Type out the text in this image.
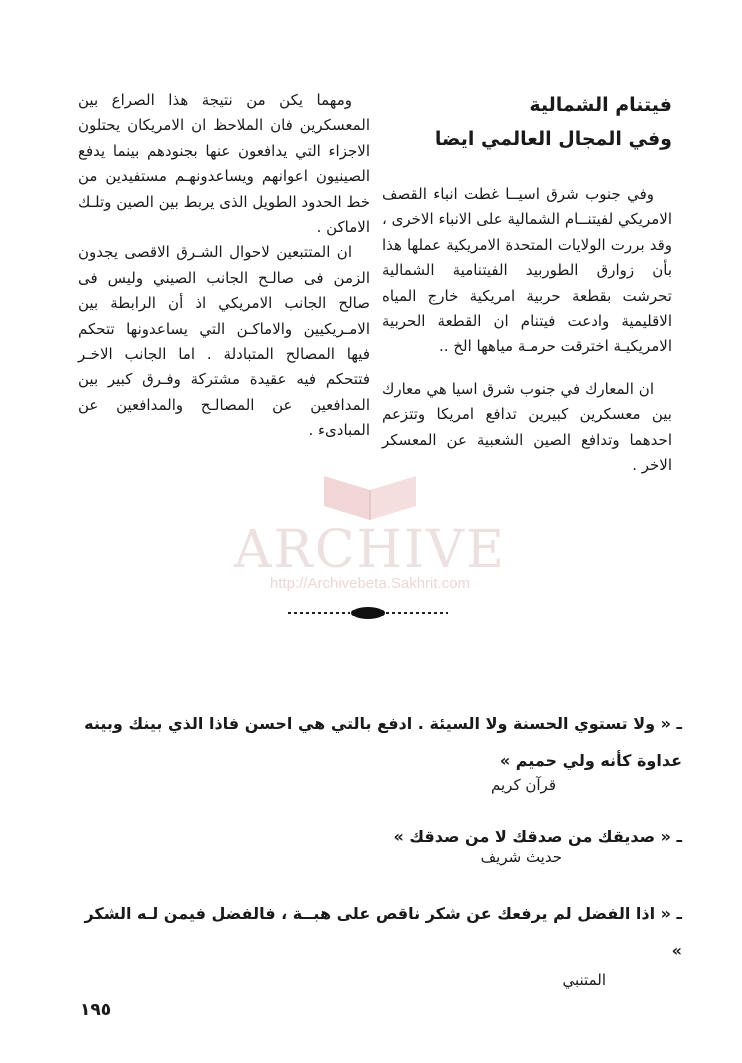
فيتنام الشمالية
وفي المجال العالمي ايضا

وفي جنوب شرق اسيــا غطت انباء القصف الامريكي لفيتنــام الشمالية على الانباء الاخرى ، وقد بررت الولايات المتحدة الامريكية عملها هذا بأن زوارق الطوربيد الفيتنامية الشمالية تحرشت بقطعة حربية امريكية خارج المياه الاقليمية وادعت فيتنام ان القطعة الحربية الامريكيـة اخترقت حرمـة مياهها الخ ..

ان المعارك في جنوب شرق اسيا هي معارك بين معسكرين كبيرين تدافع امريكا وتتزعم احدهما وتدافع الصين الشعبية عن المعسكر الاخر .

ومهما يكن من نتيجة هذا الصراع بين المعسكرين فان الملاحظ ان الامريكان يحتلون الاجزاء التي يدافعون عنها بجنودهم بينما يدفع الصينيون اعوانهم ويساعدونهـم مستفيدين من خط الحدود الطويل الذى يربط بين الصين وتلـك الاماكن .

ان المتتبعين لاحوال الشـرق الاقصى يجدون الزمن فى صالـح الجانب الصيني وليس فى صالح الجانب الامريكي اذ أن الرابطة بين الامـريكيين والاماكـن التي يساعدونها تتحكم فيها المصالح المتبادلة . اما الجانب الاخـر فتتحكم فيه عقيدة مشتركة وفـرق كبير بين المدافعين عن المصالـح والمدافعين عن المبادىء .

ARCHIVE
http://Archivebeta.Sakhrit.com

ـ « ولا تستوي الحسنة ولا السيئة . ادفع بالتي هي احسن فاذا الذي بينك وبينه عداوة كأنه ولي حميم »

قرآن كريم

ـ « صديقك من صدقك لا من صدقك »

حديث شريف

ـ « اذا الفضل لم يرفعك عن شكر ناقص على هبــة ، فالفضل فيمن لـه الشكر »

المتنبي

١٩٥
